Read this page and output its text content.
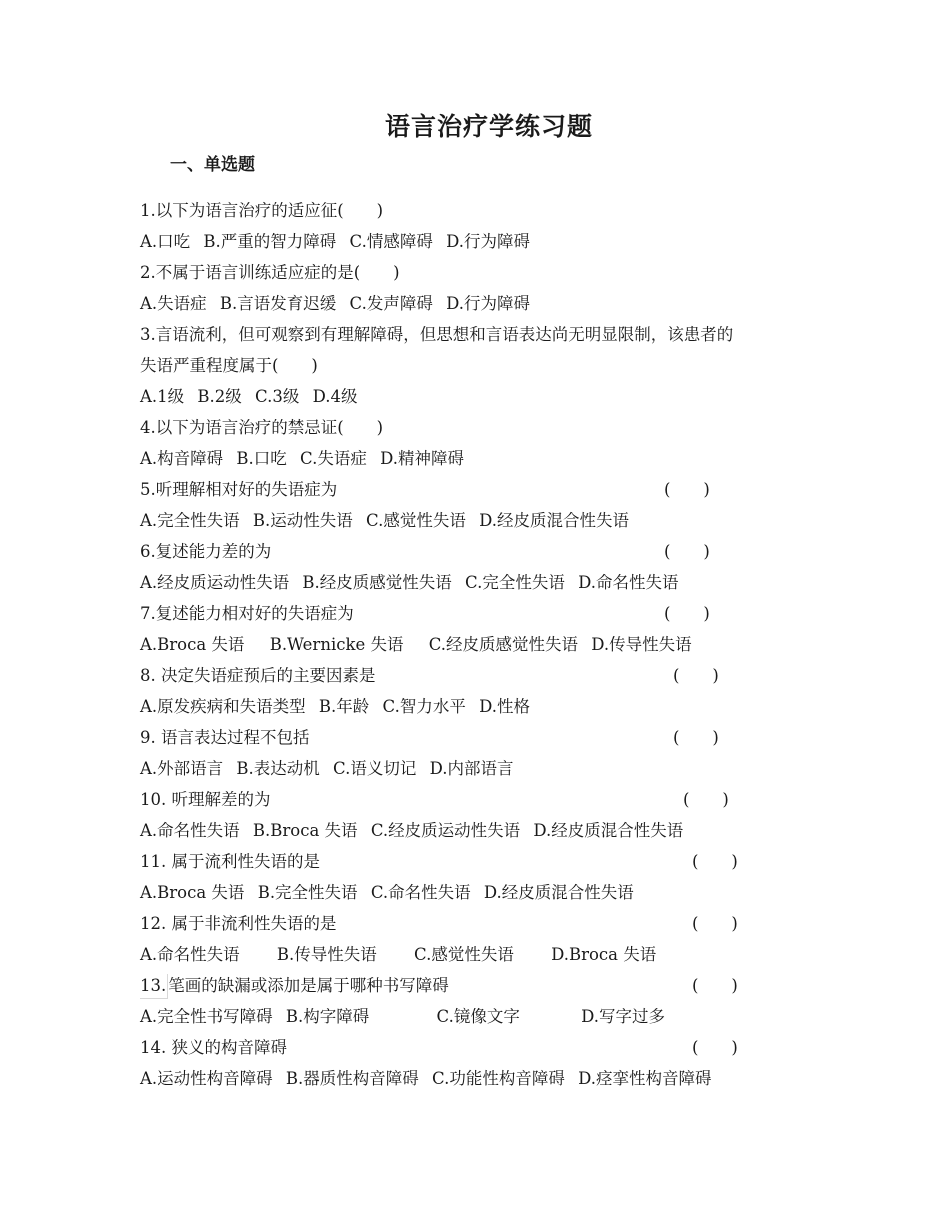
语言治疗学练习题
一、单选题
1.以下为语言治疗的适应征(　　)
A.口吃 B.严重的智力障碍 C.情感障碍 D.行为障碍
2.不属于语言训练适应症的是(　　)
A.失语症 B.言语发育迟缓 C.发声障碍 D.行为障碍
3.言语流利，但可观察到有理解障碍，但思想和言语表达尚无明显限制，该患者的
失语严重程度属于(　　)
A.1级 B.2级 C.3级 D.4级
4.以下为语言治疗的禁忌证(　　)
A.构音障碍 B.口吃 C.失语症 D.精神障碍
5.听理解相对好的失语症为	(　　)
A.完全性失语 B.运动性失语 C.感觉性失语 D.经皮质混合性失语
6.复述能力差的为	(　　)
A.经皮质运动性失语 B.经皮质感觉性失语 C.完全性失语 D.命名性失语
7.复述能力相对好的失语症为	(　　)
A.Broca 失语 B.Wernicke 失语 C.经皮质感觉性失语 D.传导性失语
8. 决定失语症预后的主要因素是	(　　)
A.原发疾病和失语类型 B.年龄 C.智力水平 D.性格
9. 语言表达过程不包括	(　　)
A.外部语言 B.表达动机 C.语义切记 D.内部语言
10. 听理解差的为	(　　)
A.命名性失语 B.Broca 失语 C.经皮质运动性失语 D.经皮质混合性失语
11. 属于流利性失语的是	(　　)
A.Broca 失语 B.完全性失语 C.命名性失语 D.经皮质混合性失语
12. 属于非流利性失语的是	(　　)
A.命名性失语 B.传导性失语 C.感觉性失语 D.Broca 失语
13. 笔画的缺漏或添加是属于哪种书写障碍	(　　)
A.完全性书写障碍 B.构字障碍	C.镜像文字	D.写字过多
14. 狭义的构音障碍	(　　)
A.运动性构音障碍 B.器质性构音障碍 C.功能性构音障碍 D.痉挛性构音障碍
